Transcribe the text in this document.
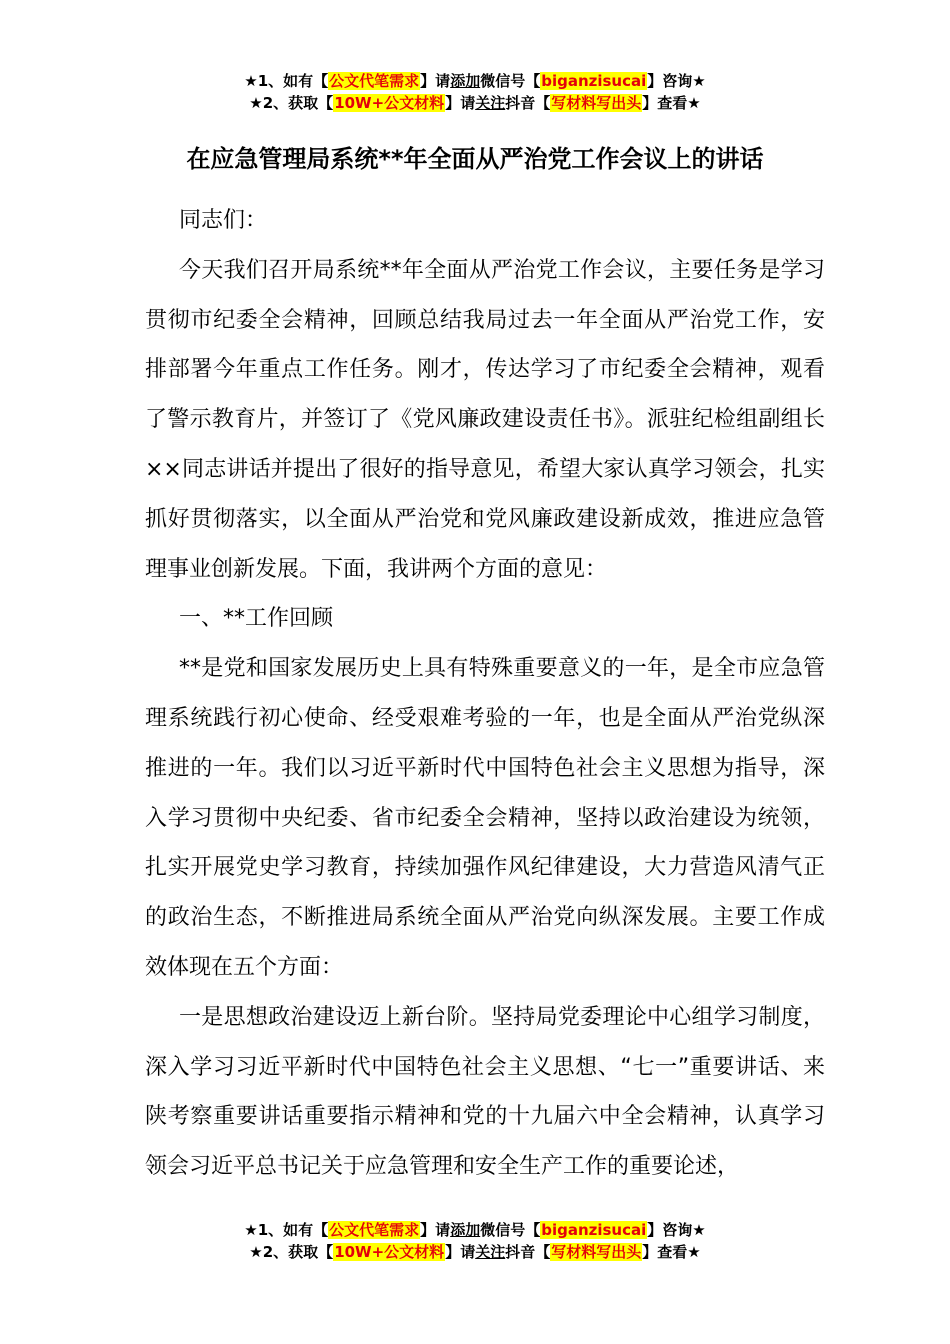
★1、如有【公文代笔需求】请添加微信号【biganzisucai】咨询★
★2、获取【10W+公文材料】请关注抖音【写材料写出头】查看★
在应急管理局系统**年全面从严治党工作会议上的讲话

同志们：

今天我们召开局系统**年全面从严治党工作会议，主要任务是学习贯彻市纪委全会精神，回顾总结我局过去一年全面从严治党工作，安排部署今年重点工作任务。刚才，传达学习了市纪委全会精神，观看了警示教育片，并签订了《党风廉政建设责任书》。派驻纪检组副组长××同志讲话并提出了很好的指导意见，希望大家认真学习领会，扎实抓好贯彻落实，以全面从严治党和党风廉政建设新成效，推进应急管理事业创新发展。下面，我讲两个方面的意见：

一、**工作回顾

**是党和国家发展历史上具有特殊重要意义的一年，是全市应急管理系统践行初心使命、经受艰难考验的一年，也是全面从严治党纵深推进的一年。我们以习近平新时代中国特色社会主义思想为指导，深入学习贯彻中央纪委、省市纪委全会精神，坚持以政治建设为统领，扎实开展党史学习教育，持续加强作风纪律建设，大力营造风清气正的政治生态，不断推进局系统全面从严治党向纵深发展。主要工作成效体现在五个方面：

一是思想政治建设迈上新台阶。坚持局党委理论中心组学习制度，深入学习习近平新时代中国特色社会主义思想、“七一”重要讲话、来陕考察重要讲话重要指示精神和党的十九届六中全会精神，认真学习领会习近平总书记关于应急管理和安全生产工作的重要论述，

★1、如有【公文代笔需求】请添加微信号【biganzisucai】咨询★
★2、获取【10W+公文材料】请关注抖音【写材料写出头】查看★
